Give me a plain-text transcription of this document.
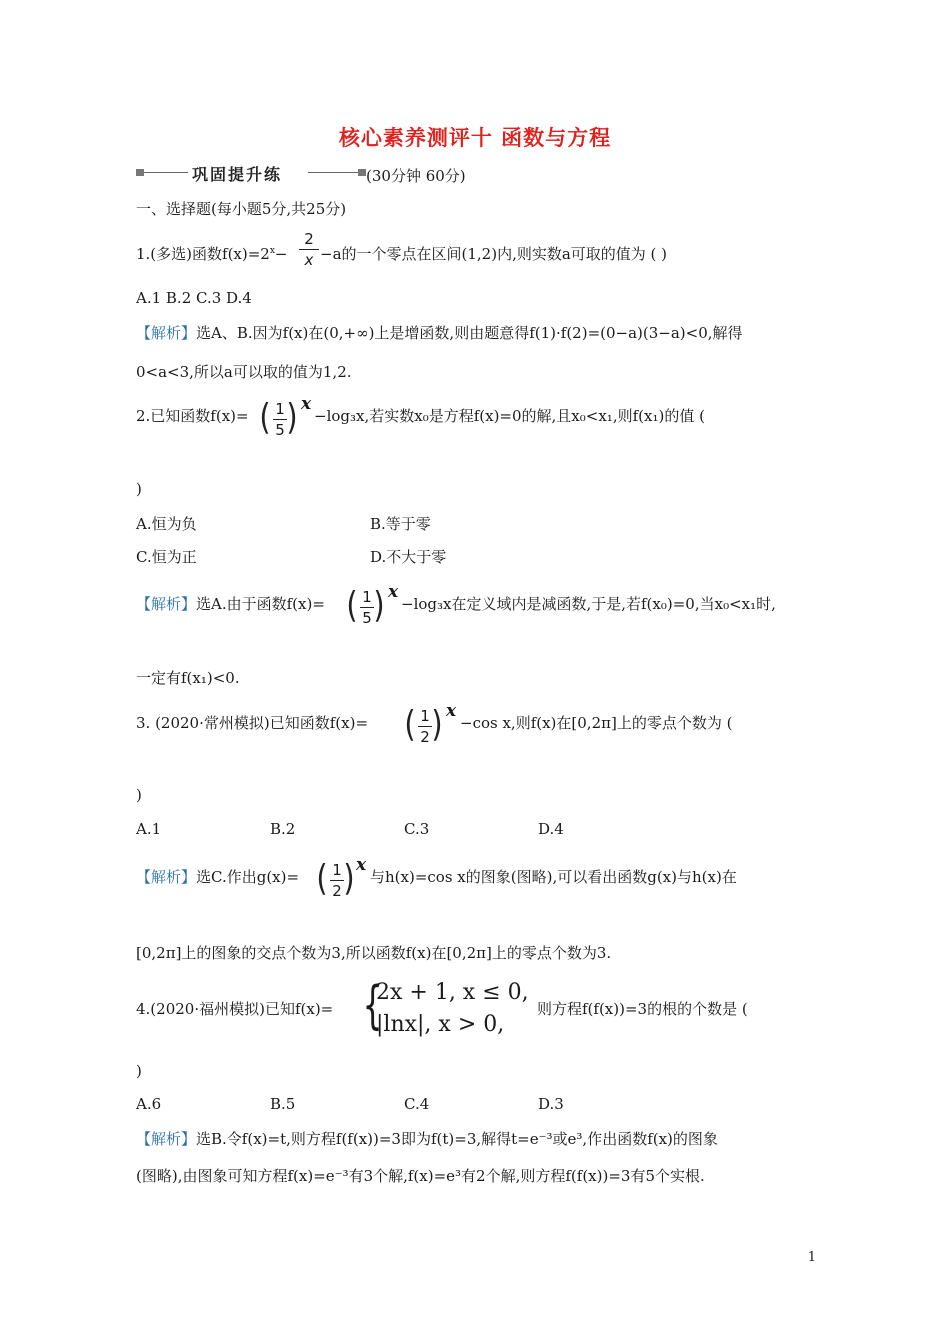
核心素养测评十 函数与方程
巩固提升练	(30分钟 60分)
一、选择题(每小题5分,共25分)
1.(多选)函数$f(x)=2^x-$
2
x −a的一个零点在区间(1,2)内,则实数a可取的值为 ( )
A.1 B.2 C.3 D.4
【解析】选A、B.因为f(x)在(0,+∞)上是增函数,则由题意得f(1)·f(2)=(0−a)(3−a)<0,解得
0<a<3,所以a可以取的值为1,2.
2.已知函数f(x)= ( 1
5 ) x
−log₃x,若实数x₀是方程f(x)=0的解,且x₀<x₁,则f(x₁)的值 (
)
A.恒为负	B.等于零
C.恒为正	D.不大于零
【解析】选A.由于函数f(x)= ( 1
5 ) x
−log₃x在定义域内是减函数,于是,若f(x₀)=0,当x₀<x₁时,
一定有f(x₁)<0.
3. (2020·常州模拟)已知函数f(x)= ( 1
2 ) x
−cos x,则f(x)在[0,2π]上的零点个数为 (
)
A.1	B.2	C.3	D.4
【解析】选C.作出g(x)= ( 1
2 ) x
与h(x)=cos x的图象(图略),可以看出函数g(x)与h(x)在
[0,2π]上的图象的交点个数为3,所以函数f(x)在[0,2π]上的零点个数为3.
4.(2020·福州模拟)已知f(x)= {
2x + 1, x ≤ 0,
|lnx|, x > 0,
则方程f(f(x))=3的根的个数是 (
)
A.6	B.5	C.4	D.3
【解析】选B.令f(x)=t,则方程f(f(x))=3即为f(t)=3,解得t=e⁻³或e³,作出函数f(x)的图象
(图略),由图象可知方程f(x)=e⁻³有3个解,f(x)=e³有2个解,则方程f(f(x))=3有5个实根.
1
